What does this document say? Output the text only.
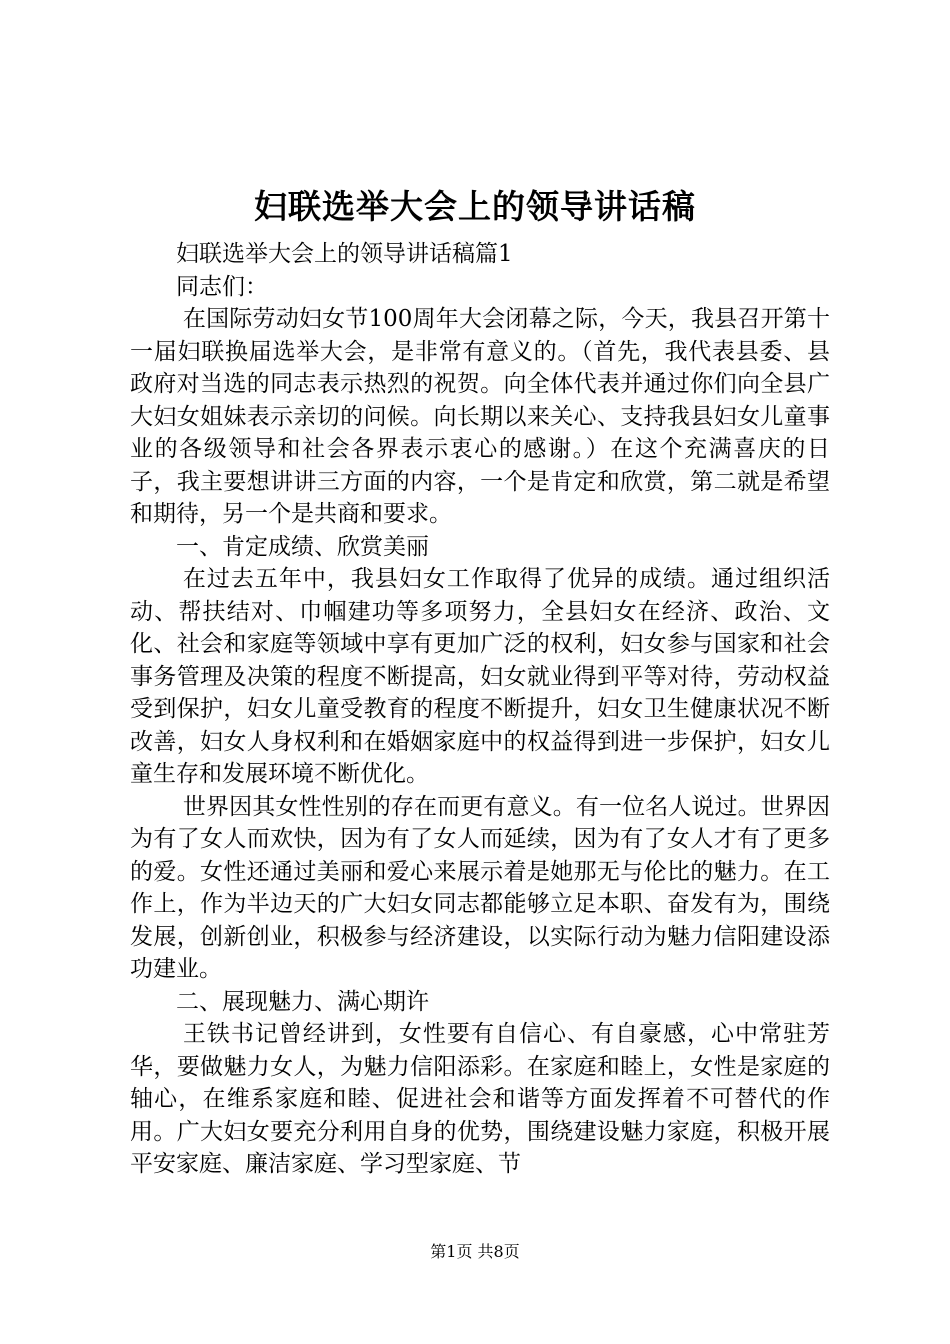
妇联选举大会上的领导讲话稿

妇联选举大会上的领导讲话稿篇1

同志们：

在国际劳动妇女节100周年大会闭幕之际，今天，我县召开第十一届妇联换届选举大会，是非常有意义的。（首先，我代表县委、县政府对当选的同志表示热烈的祝贺。向全体代表并通过你们向全县广大妇女姐妹表示亲切的问候。向长期以来关心、支持我县妇女儿童事业的各级领导和社会各界表示衷心的感谢。）在这个充满喜庆的日子，我主要想讲讲三方面的内容，一个是肯定和欣赏，第二就是希望和期待，另一个是共商和要求。

一、肯定成绩、欣赏美丽

在过去五年中，我县妇女工作取得了优异的成绩。通过组织活动、帮扶结对、巾帼建功等多项努力，全县妇女在经济、政治、文化、社会和家庭等领域中享有更加广泛的权利，妇女参与国家和社会事务管理及决策的程度不断提高，妇女就业得到平等对待，劳动权益受到保护，妇女儿童受教育的程度不断提升，妇女卫生健康状况不断改善，妇女人身权利和在婚姻家庭中的权益得到进一步保护，妇女儿童生存和发展环境不断优化。

世界因其女性性别的存在而更有意义。有一位名人说过。世界因为有了女人而欢快，因为有了女人而延续，因为有了女人才有了更多的爱。女性还通过美丽和爱心来展示着是她那无与伦比的魅力。在工作上，作为半边天的广大妇女同志都能够立足本职、奋发有为，围绕发展，创新创业，积极参与经济建设，以实际行动为魅力信阳建设添功建业。

二、展现魅力、满心期许

王铁书记曾经讲到，女性要有自信心、有自豪感，心中常驻芳华，要做魅力女人，为魅力信阳添彩。在家庭和睦上，女性是家庭的轴心，在维系家庭和睦、促进社会和谐等方面发挥着不可替代的作用。广大妇女要充分利用自身的优势，围绕建设魅力家庭，积极开展平安家庭、廉洁家庭、学习型家庭、节

第1页 共8页
